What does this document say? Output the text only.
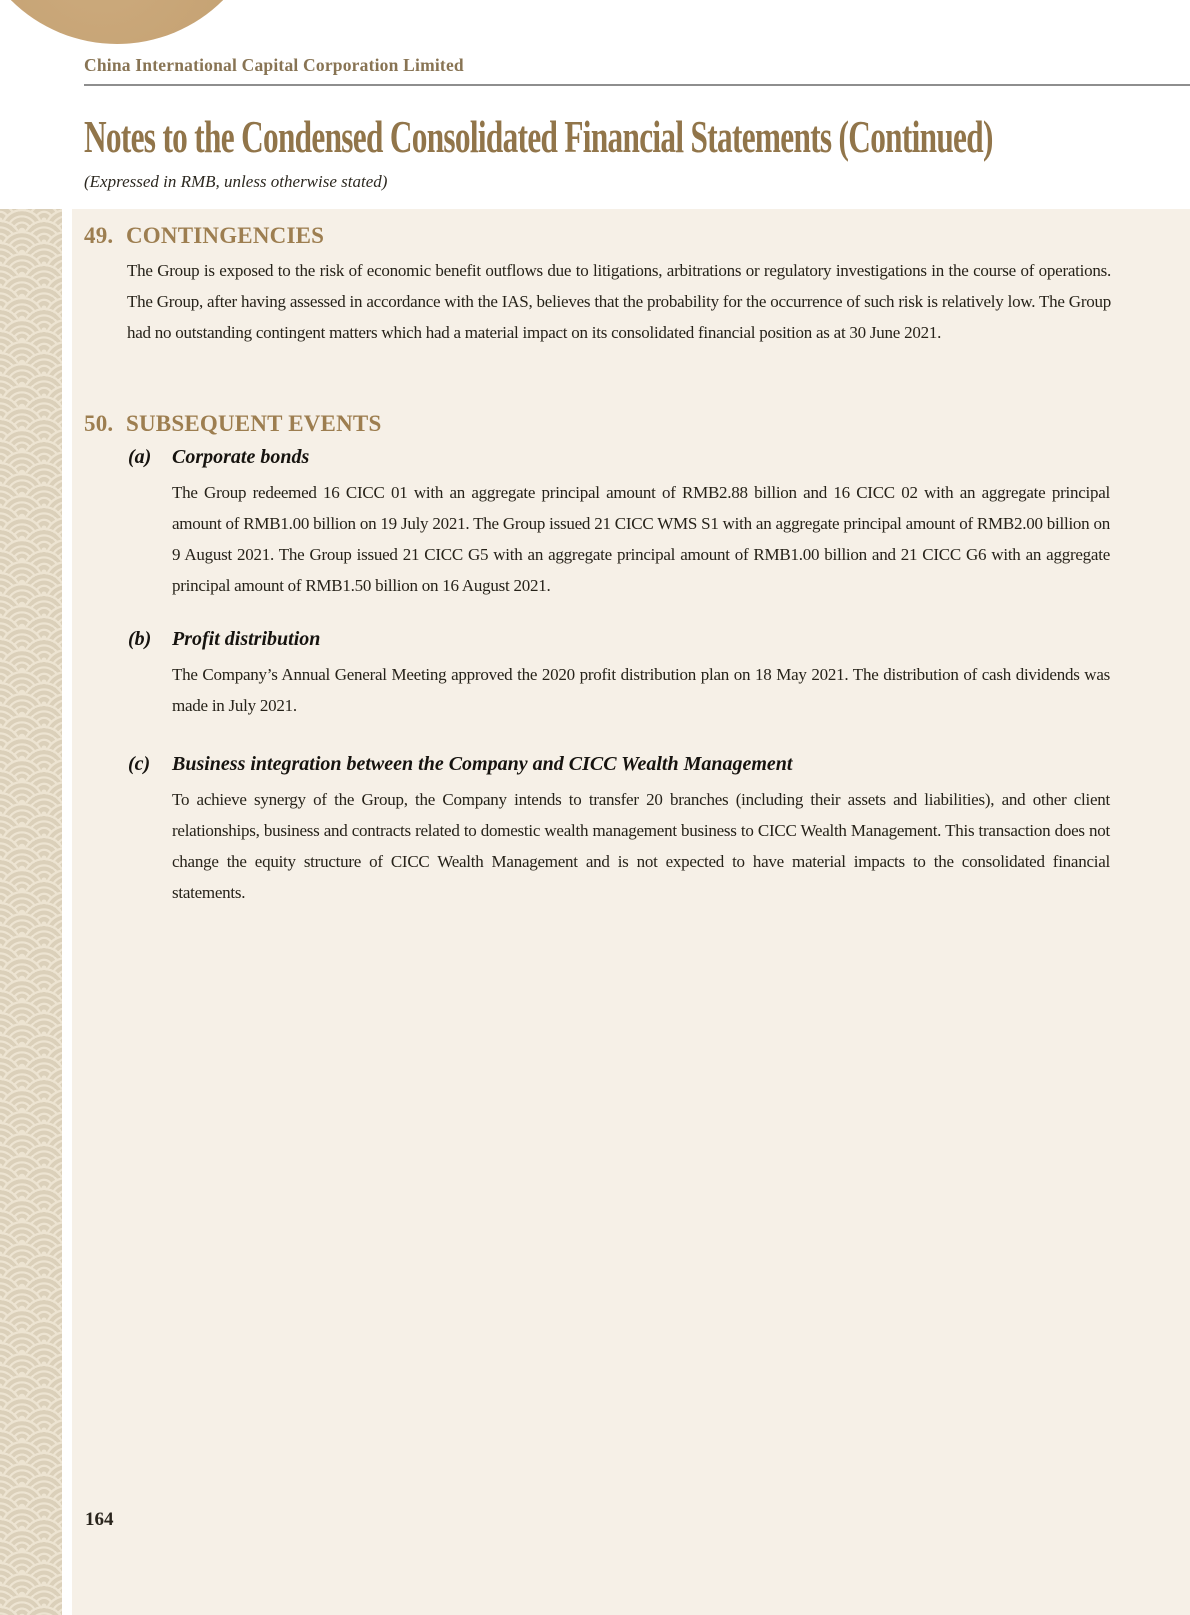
China International Capital Corporation Limited
Notes to the Condensed Consolidated Financial Statements (Continued)
(Expressed in RMB, unless otherwise stated)
49. CONTINGENCIES
The Group is exposed to the risk of economic benefit outflows due to litigations, arbitrations or regulatory investigations in the course of operations. The Group, after having assessed in accordance with the IAS, believes that the probability for the occurrence of such risk is relatively low. The Group had no outstanding contingent matters which had a material impact on its consolidated financial position as at 30 June 2021.
50. SUBSEQUENT EVENTS
(a)	Corporate bonds
The Group redeemed 16 CICC 01 with an aggregate principal amount of RMB2.88 billion and 16 CICC 02 with an aggregate principal amount of RMB1.00 billion on 19 July 2021. The Group issued 21 CICC WMS S1 with an aggregate principal amount of RMB2.00 billion on 9 August 2021. The Group issued 21 CICC G5 with an aggregate principal amount of RMB1.00 billion and 21 CICC G6 with an aggregate principal amount of RMB1.50 billion on 16 August 2021.
(b)	Profit distribution
The Company’s Annual General Meeting approved the 2020 profit distribution plan on 18 May 2021. The distribution of cash dividends was made in July 2021.
(c)	Business integration between the Company and CICC Wealth Management
To achieve synergy of the Group, the Company intends to transfer 20 branches (including their assets and liabilities), and other client relationships, business and contracts related to domestic wealth management business to CICC Wealth Management. This transaction does not change the equity structure of CICC Wealth Management and is not expected to have material impacts to the consolidated financial statements.
164
